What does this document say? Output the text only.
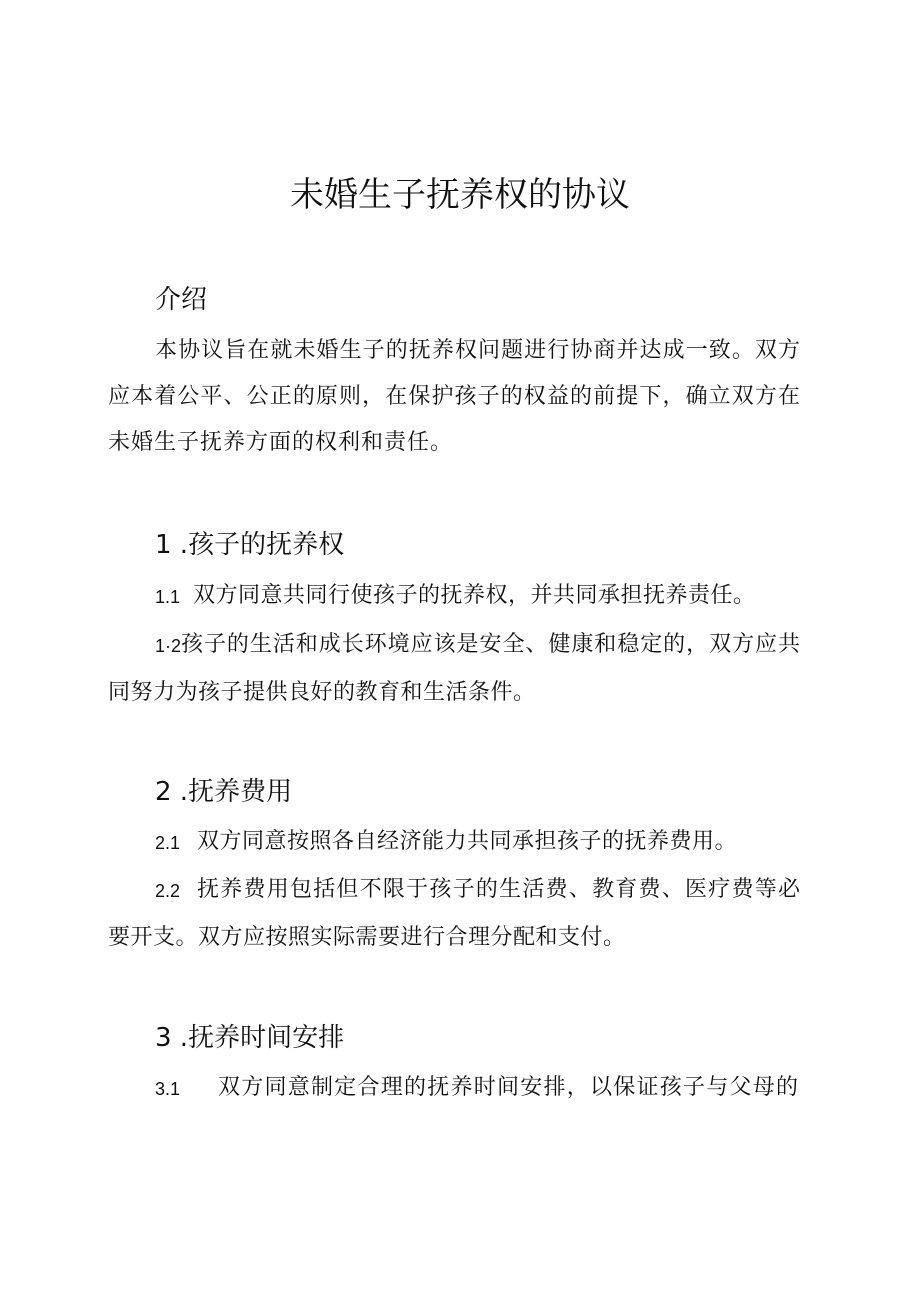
未婚生子抚养权的协议
介绍
本协议旨在就未婚生子的抚养权问题进行协商并达成一致。双方
应本着公平、公正的原则，在保护孩子的权益的前提下，确立双方在
未婚生子抚养方面的权利和责任。
1 .孩子的抚养权
1.1 双方同意共同行使孩子的抚养权，并共同承担抚养责任。
1·2 孩子的生活和成长环境应该是安全、健康和稳定的，双方应共
同努力为孩子提供良好的教育和生活条件。
2 .抚养费用
2.1 双方同意按照各自经济能力共同承担孩子的抚养费用。
2.2 抚养费用包括但不限于孩子的生活费、教育费、医疗费等必
要开支。双方应按照实际需要进行合理分配和支付。
3 .抚养时间安排
3.1 双方同意制定合理的抚养时间安排，以保证孩子与父母的
